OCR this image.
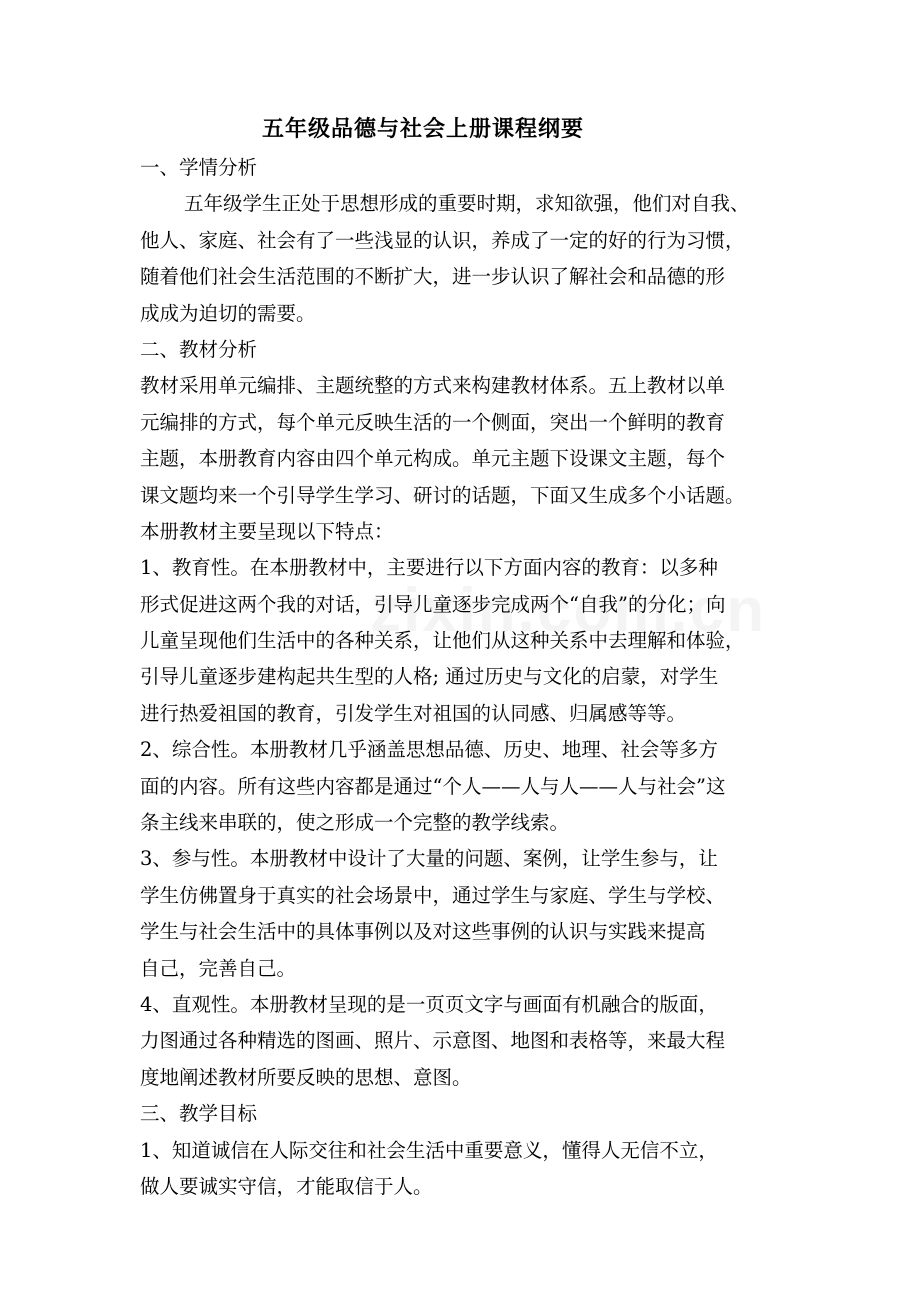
五年级品德与社会上册课程纲要
一、学情分析
五年级学生正处于思想形成的重要时期，求知欲强，他们对自我、
他人、家庭、社会有了一些浅显的认识，养成了一定的好的行为习惯，
随着他们社会生活范围的不断扩大，进一步认识了解社会和品德的形
成成为迫切的需要。
二、教材分析
教材采用单元编排、主题统整的方式来构建教材体系。五上教材以单
元编排的方式，每个单元反映生活的一个侧面，突出一个鲜明的教育
主题，本册教育内容由四个单元构成。单元主题下设课文主题，每个
课文题均来一个引导学生学习、研讨的话题，下面又生成多个小话题。
本册教材主要呈现以下特点：
1、教育性。在本册教材中，主要进行以下方面内容的教育：以多种
形式促进这两个我的对话，引导儿童逐步完成两个“自我”的分化；向
儿童呈现他们生活中的各种关系，让他们从这种关系中去理解和体验，
引导儿童逐步建构起共生型的人格; 通过历史与文化的启蒙，对学生
进行热爱祖国的教育，引发学生对祖国的认同感、归属感等等。
2、综合性。本册教材几乎涵盖思想品德、历史、地理、社会等多方
面的内容。所有这些内容都是通过“个人——人与人——人与社会”这
条主线来串联的，使之形成一个完整的教学线索。
3、参与性。本册教材中设计了大量的问题、案例，让学生参与，让
学生仿佛置身于真实的社会场景中，通过学生与家庭、学生与学校、
学生与社会生活中的具体事例以及对这些事例的认识与实践来提高
自己，完善自己。
4、直观性。本册教材呈现的是一页页文字与画面有机融合的版面，
力图通过各种精选的图画、照片、示意图、地图和表格等，来最大程
度地阐述教材所要反映的思想、意图。
三、教学目标
1、知道诚信在人际交往和社会生活中重要意义，懂得人无信不立，
做人要诚实守信，才能取信于人。
